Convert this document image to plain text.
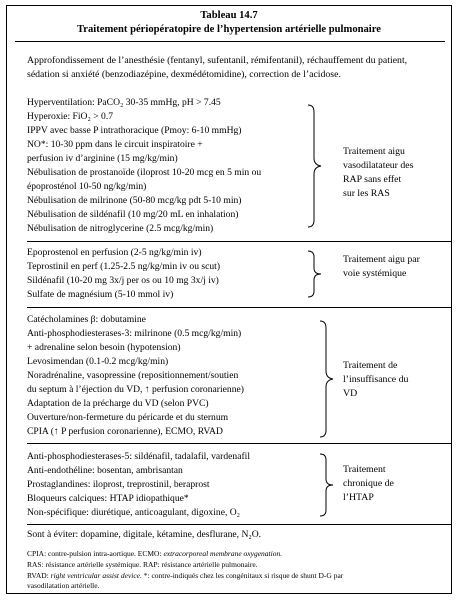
Tableau 14.7
Traitement périopératopire de l’hypertension artérielle pulmonaire
Approfondissement de l’anesthésie (fentanyl, sufentanil, rémifentanil), réchauffement du patient,
sédation si anxiété (benzodiazépine, dexmédétomidine), correction de l’acidose.
Hyperventilation: PaCO₂ 30-35 mmHg, pH > 7.45
Hyperoxie: FiO₂ > 0.7
IPPV avec basse P intrathoracique (Pmoy: 6-10 mmHg)
NO*: 10-30 ppm dans le circuit inspiratoire +
perfusion iv d’arginine (15 mg/kg/min)
Nébulisation de prostanoïde (iloprost 10-20 mcg en 5 min ou
époprosténol 10-50 ng/kg/min)
Nébulisation de milrinone (50-80 mcg/kg pdt 5-10 min)
Nébulisation de sildénafil (10 mg/20 mL en inhalation)
Nébulisation de nitroglycerine (2.5 mcg/kg/min)
Traitement aigu
vasodilatateur des
RAP sans effet
sur les RAS
Epoprostenol en perfusion (2-5 ng/kg/min iv)
Teprostinil en perf (1.25-2.5 ng/kg/min iv ou scut)
Sildénafil (10-20 mg 3x/j per os ou 10 mg 3x/j iv)
Sulfate de magnésium (5-10 mmol iv)
Traitement aigu par
voie systémique
Catécholamines β: dobutamine
Anti-phosphodiesterases-3: milrinone (0.5 mcg/kg/min)
+ adrenaline selon besoin (hypotension)
Levosimendan (0.1-0.2 mcg/kg/min)
Noradrénaline, vasopressine (repositionnement/soutien
du septum à l’éjection du VD, ↑ perfusion coronarienne)
Adaptation de la précharge du VD (selon PVC)
Ouverture/non-fermeture du péricarde et du sternum
CPIA (↑ P perfusion coronarienne), ECMO, RVAD
Traitement de
l’insuffisance du
VD
Anti-phosphodiesterases-5: sildénafil, tadalafil, vardenafil
Anti-endothéline: bosentan, ambrisantan
Prostaglandines: iloprost, treprostinil, beraprost
Bloqueurs calciques: HTAP idiopathique*
Non-spécifique: diurétique, anticoagulant, digoxine, O₂
Traitement
chronique de
l’HTAP
Sont à éviter: dopamine, digitale, kétamine, desflurane, N₂O.
CPIA: contre-pulsion intra-aortique. ECMO: extracorporeal membrane oxygenation.
RAS: résistance artérielle systémique. RAP: résistance artérielle pulmonaire.
RVAD: right ventricular assist device. *: contre-indiqués chez les congénitaux si risque de shunt D-G par
vasodilatation artérielle.
